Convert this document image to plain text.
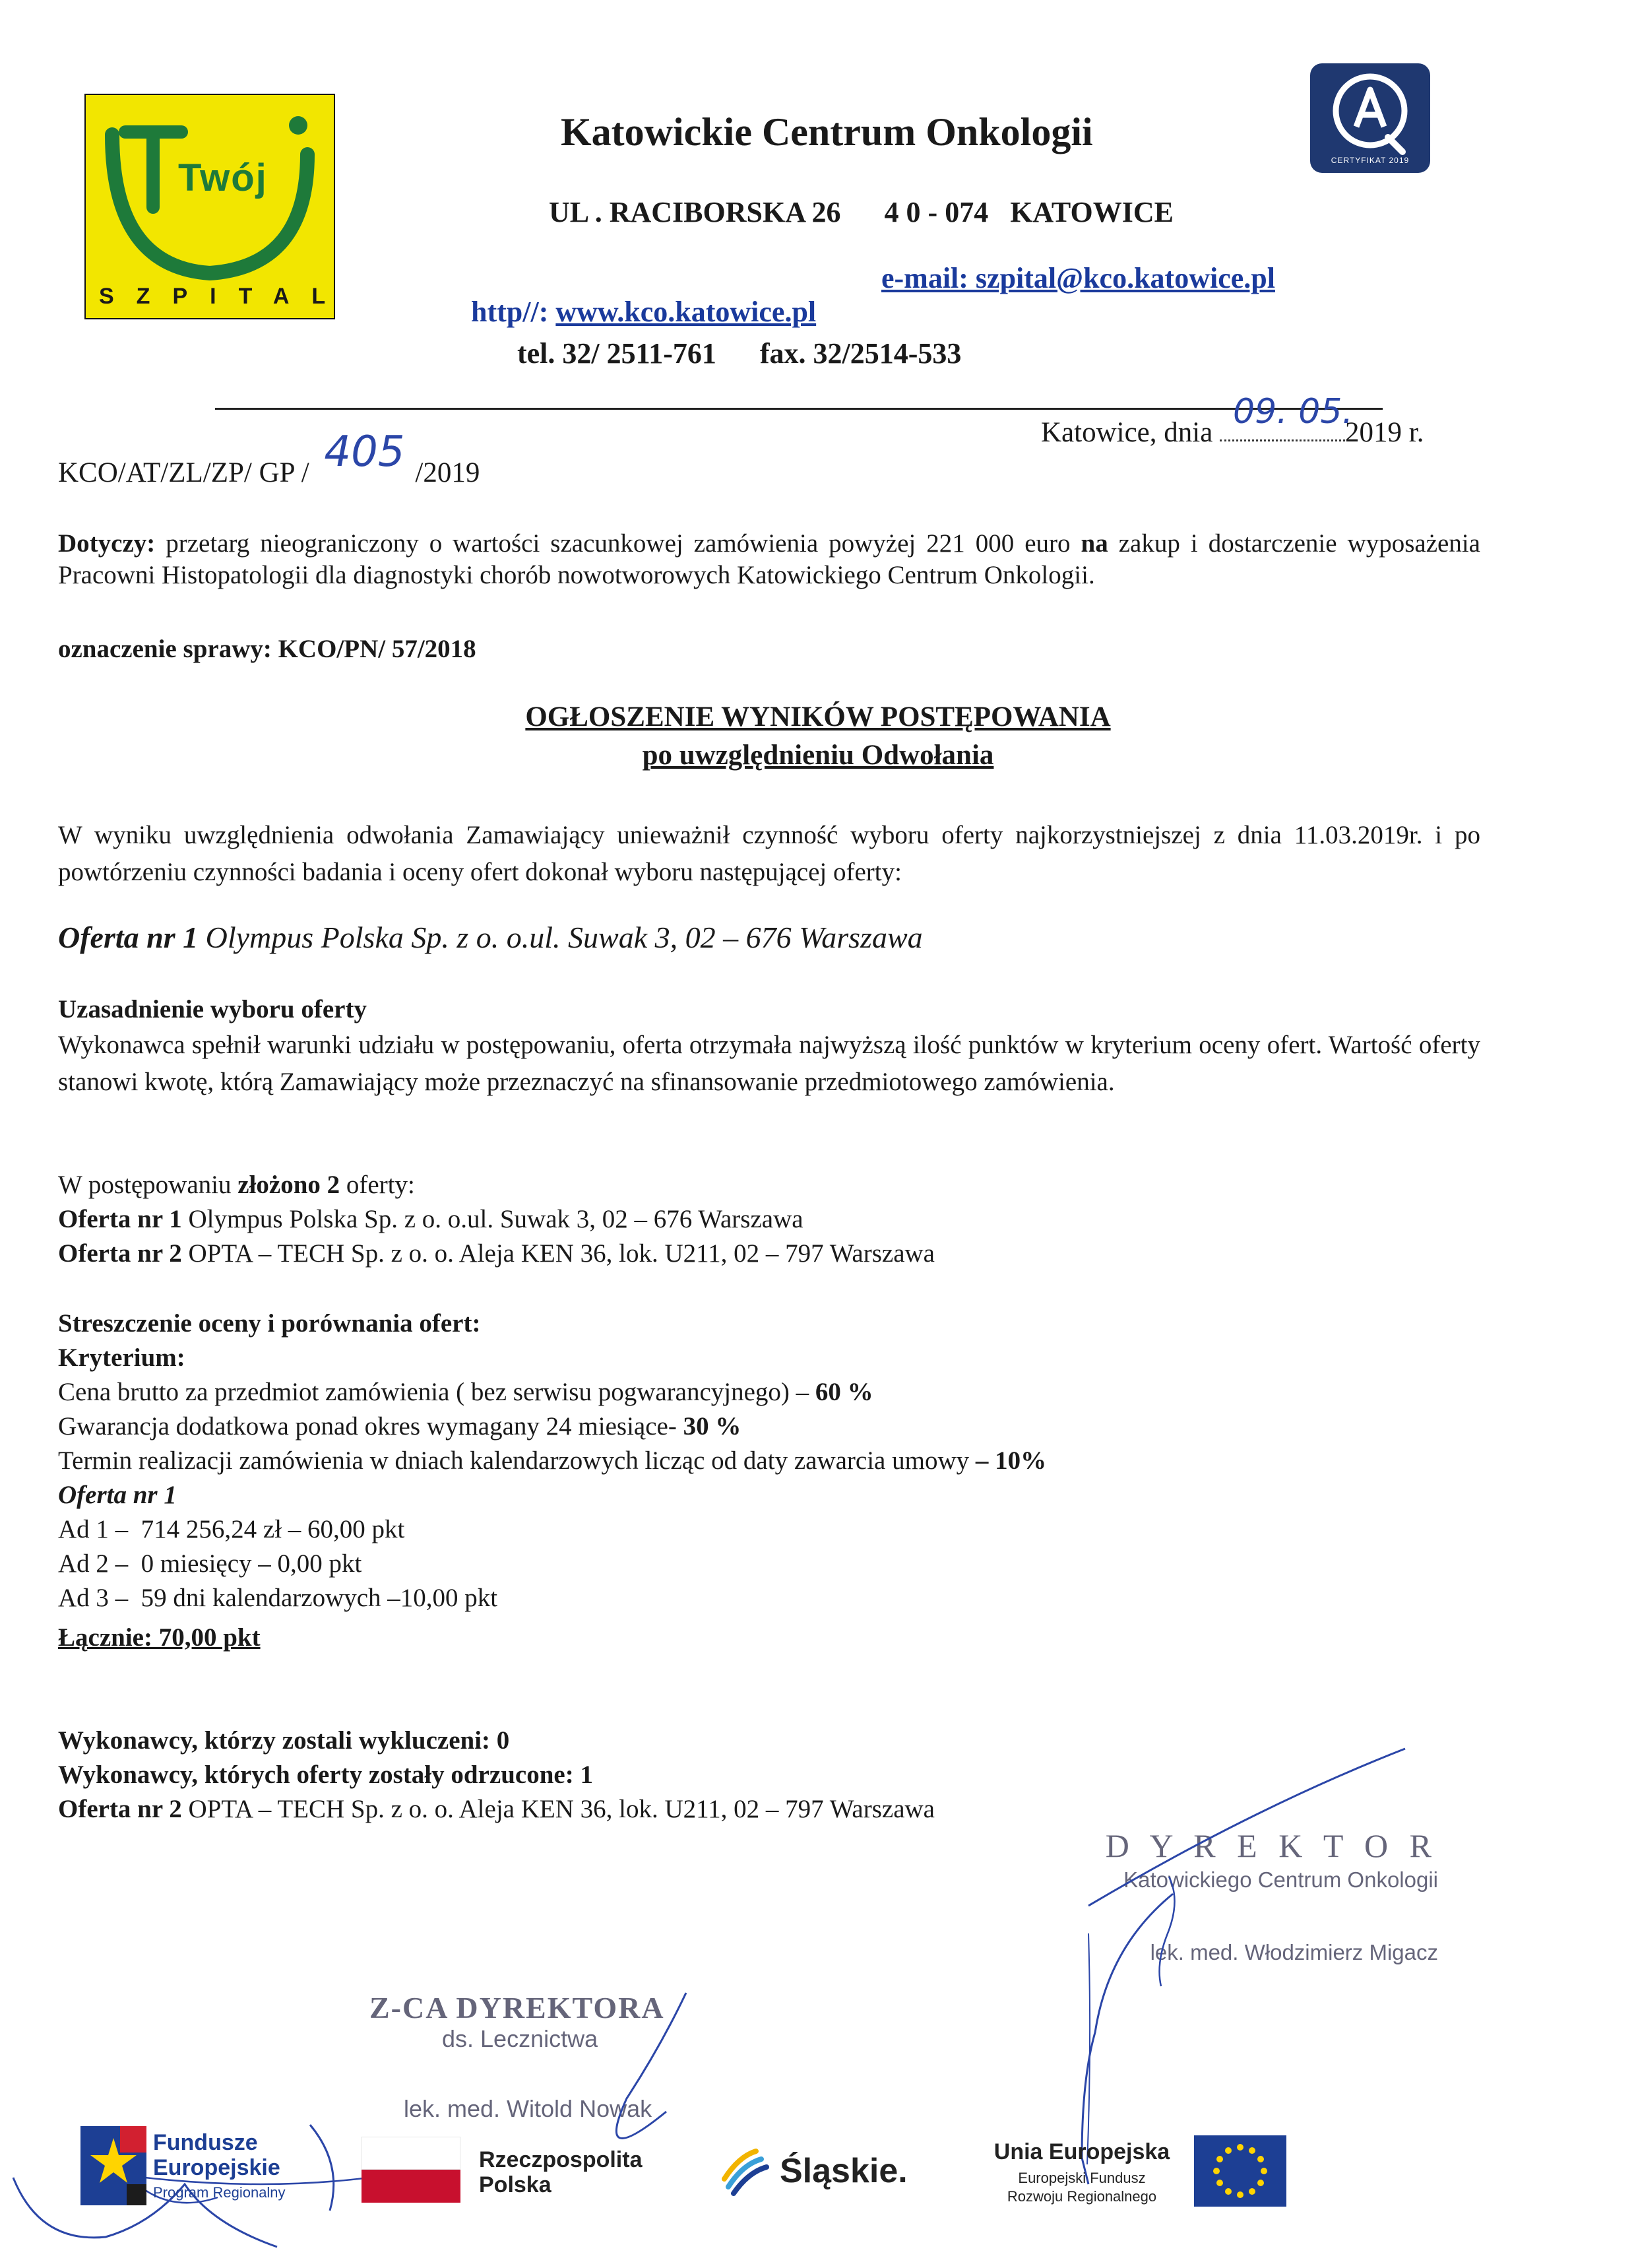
Twój
SZPITAL
Katowickie Centrum Onkologii
UL . RACIBORSKA 26      4 0 - 074   KATOWICE

http//: www.kco.katowice.pl

e-mail: szpital@kco.katowice.pl
tel. 32/ 2511-761      fax. 32/2514-533
CERTYFIKAT 2019
Katowice, dnia
09. 05.
2019 r.
KCO/AT/ZL/ZP/ GP / 405 /2019
Dotyczy: przetarg nieograniczony o wartości szacunkowej zamówienia powyżej 221 000 euro na zakup i dostarczenie wyposażenia Pracowni Histopatologii dla diagnostyki chorób nowotworowych Katowickiego Centrum Onkologii.
oznaczenie sprawy: KCO/PN/ 57/2018
OGŁOSZENIE WYNIKÓW POSTĘPOWANIA
po uwzględnieniu Odwołania
W wyniku uwzględnienia odwołania Zamawiający unieważnił czynność wyboru oferty najkorzystniejszej z dnia 11.03.2019r. i po powtórzeniu czynności badania i oceny ofert dokonał wyboru następującej oferty:
Oferta nr 1 Olympus Polska Sp. z o. o.ul. Suwak 3, 02 – 676 Warszawa
Uzasadnienie wyboru oferty
Wykonawca spełnił warunki udziału w postępowaniu, oferta otrzymała najwyższą ilość punktów w kryterium oceny ofert. Wartość oferty stanowi kwotę, którą Zamawiający może przeznaczyć na sfinansowanie przedmiotowego zamówienia.
W postępowaniu złożono 2 oferty:
Oferta nr 1 Olympus Polska Sp. z o. o.ul. Suwak 3, 02 – 676 Warszawa
Oferta nr 2 OPTA – TECH Sp. z o. o. Aleja KEN 36, lok. U211, 02 – 797 Warszawa
Streszczenie oceny i porównania ofert:
Kryterium:
Cena brutto za przedmiot zamówienia ( bez serwisu pogwarancyjnego) – 60 %
Gwarancja dodatkowa ponad okres wymagany 24 miesiące- 30 %
Termin realizacji zamówienia w dniach kalendarzowych licząc od daty zawarcia umowy – 10%
Oferta nr 1
Ad 1 –  714 256,24 zł – 60,00 pkt
Ad 2 –  0 miesięcy – 0,00 pkt
Ad 3 –  59 dni kalendarzowych –10,00 pkt
Łącznie: 70,00 pkt
Wykonawcy, którzy zostali wykluczeni: 0
Wykonawcy, których oferty zostały odrzucone: 1
Oferta nr 2 OPTA – TECH Sp. z o. o. Aleja KEN 36, lok. U211, 02 – 797 Warszawa
D Y R E K T O R
Katowickiego Centrum Onkologii
lek. med. Włodzimierz Migacz
Z-CA DYREKTORA
ds. Lecznictwa
lek. med. Witold Nowak
Fundusze
Europejskie
Program Regionalny
Rzeczpospolita
Polska	Śląskie.	Unia Europejska
Europejski Fundusz
Rozwoju Regionalnego
